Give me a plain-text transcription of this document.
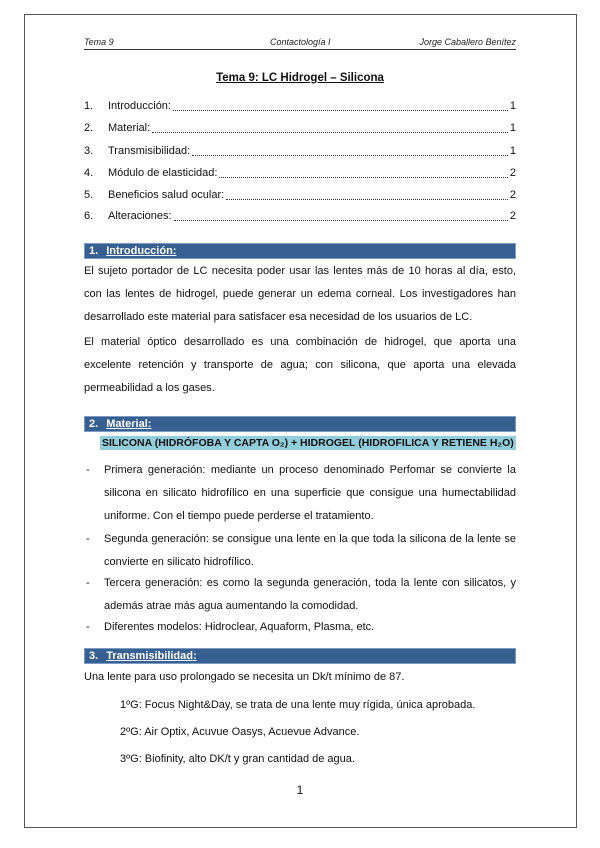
Tema 9	Contactología I	Jorge Caballero Benítez
Tema 9: LC Hidrogel – Silicona
1.	Introducción:	1
2.	Material:	1
3.	Transmisibilidad:	1
4.	Módulo de elasticidad:	2
5.	Beneficios salud ocular:	2
6.	Alteraciones:	2
1. Introducción:
El sujeto portador de LC necesita poder usar las lentes más de 10 horas al día, esto, con las lentes de hidrogel, puede generar un edema corneal. Los investigadores han desarrollado este material para satisfacer esa necesidad de los usuarios de LC.
El material óptico desarrollado es una combinación de hidrogel, que aporta una excelente retención y transporte de agua; con silicona, que aporta una elevada permeabilidad a los gases.
2. Material:
SILICONA (HIDRÓFOBA Y CAPTA O₂) + HIDROGEL (HIDROFILICA Y RETIENE H₂O)
- Primera generación: mediante un proceso denominado Perfomar se convierte la silicona en silicato hidrofílico en una superficie que consigue una humectabilidad uniforme. Con el tiempo puede perderse el tratamiento.
- Segunda generación: se consigue una lente en la que toda la silicona de la lente se convierte en silicato hidrofílico.
- Tercera generación: es como la segunda generación, toda la lente con silicatos, y además atrae más agua aumentando la comodidad.
- Diferentes modelos: Hidroclear, Aquaform, Plasma, etc.
3. Transmisibilidad:
Una lente para uso prolongado se necesita un Dk/t mínimo de 87.
1ºG: Focus Night&Day, se trata de una lente muy rígida, única aprobada.
2ºG: Air Optix, Acuvue Oasys, Acuevue Advance.
3ºG: Biofinity, alto DK/t y gran cantidad de agua.
1
